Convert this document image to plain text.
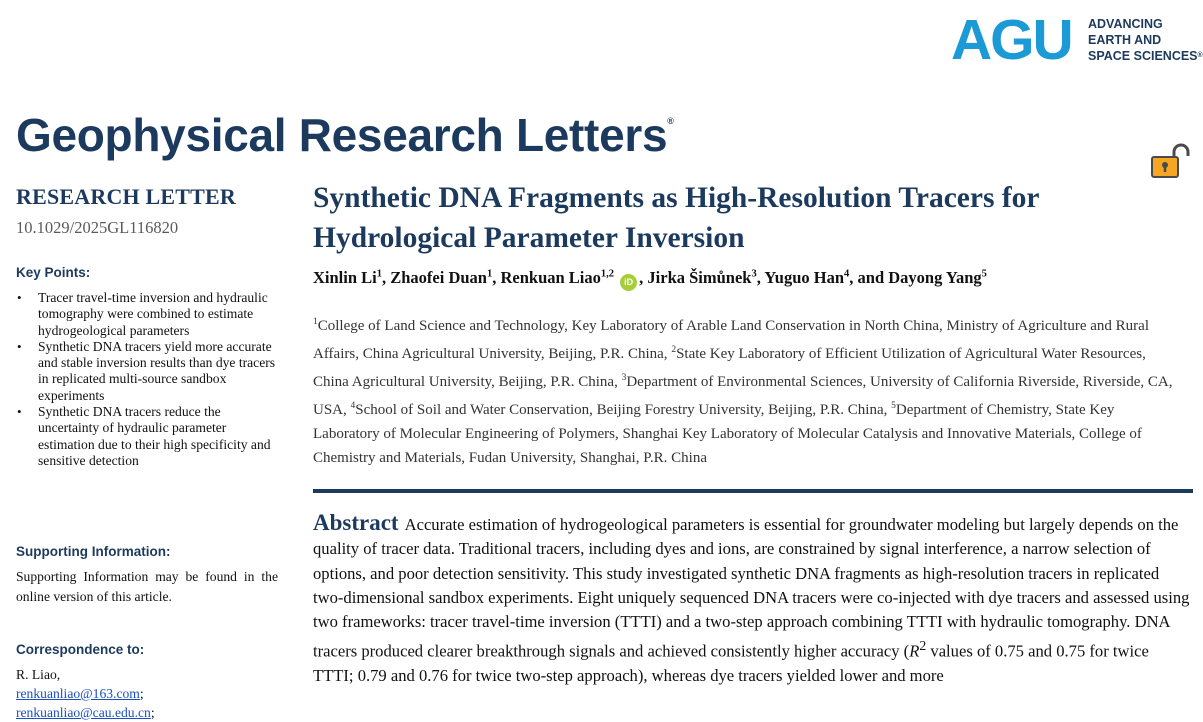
AGU ADVANCING
EARTH AND
SPACE SCIENCES®
Geophysical Research Letters®
RESEARCH LETTER
10.1029/2025GL116820
Key Points:
• Tracer travel-time inversion and hydraulic tomography were combined to estimate hydrogeological parameters
• Synthetic DNA tracers yield more accurate and stable inversion results than dye tracers in replicated multi-source sandbox experiments
• Synthetic DNA tracers reduce the uncertainty of hydraulic parameter estimation due to their high specificity and sensitive detection
Supporting Information:
Supporting Information may be found in the online version of this article.
Correspondence to:
R. Liao,
renkuanliao@163.com;
renkuanliao@cau.edu.cn;
Synthetic DNA Fragments as High-Resolution Tracers for Hydrological Parameter Inversion
Xinlin Li$^1$, Zhaofei Duan$^1$, Renkuan Liao$^{1,2}$ iD , Jirka Šimůnek$^3$, Yuguo Han$^4$, and Dayong Yang$^5$
$^1$College of Land Science and Technology, Key Laboratory of Arable Land Conservation in North China, Ministry of Agriculture and Rural Affairs, China Agricultural University, Beijing, P.R. China, $^2$State Key Laboratory of Efficient Utilization of Agricultural Water Resources, China Agricultural University, Beijing, P.R. China, $^3$Department of Environmental Sciences, University of California Riverside, Riverside, CA, USA, $^4$School of Soil and Water Conservation, Beijing Forestry University, Beijing, P.R. China, $^5$Department of Chemistry, State Key Laboratory of Molecular Engineering of Polymers, Shanghai Key Laboratory of Molecular Catalysis and Innovative Materials, College of Chemistry and Materials, Fudan University, Shanghai, P.R. China
Abstract Accurate estimation of hydrogeological parameters is essential for groundwater modeling but largely depends on the quality of tracer data. Traditional tracers, including dyes and ions, are constrained by signal interference, a narrow selection of options, and poor detection sensitivity. This study investigated synthetic DNA fragments as high-resolution tracers in replicated two-dimensional sandbox experiments. Eight uniquely sequenced DNA tracers were co-injected with dye tracers and assessed using two frameworks: tracer travel-time inversion (TTTI) and a two-step approach combining TTTI with hydraulic tomography. DNA tracers produced clearer breakthrough signals and achieved consistently higher accuracy ($R^2$ values of 0.75 and 0.75 for twice TTTI; 0.79 and 0.76 for twice two-step approach), whereas dye tracers yielded lower and more
